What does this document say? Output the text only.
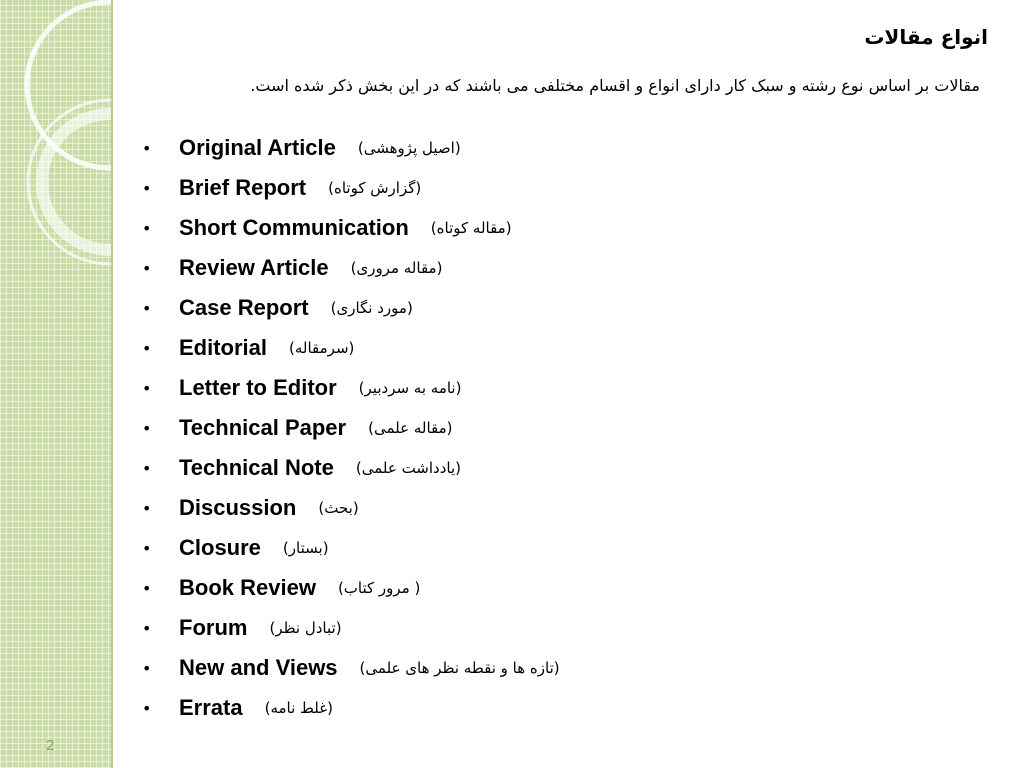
2
انواع مقالات
مقالات بر اساس نوع رشته و سبک کار دارای انواع و اقسام مختلفی می باشند که در این بخش ذکر شده است.
•	Original Article (اصیل پژوهشی)
•	Brief Report (گزارش کوتاه)
•	Short Communication (مقاله کوتاه)
•	Review Article (مقاله مروری)
•	Case Report (مورد نگاری)
•	Editorial (سرمقاله)
•	Letter to Editor (نامه به سردبیر)
•	Technical Paper (مقاله علمی)
•	Technical Note (یادداشت علمی)
•	Discussion (بحث)
•	Closure (بستار)
•	Book Review (مرور کتاب )
•	Forum (تبادل نظر)
•	New and Views (تازه ها و نقطه نظر های علمی)
•	Errata (غلط نامه)
